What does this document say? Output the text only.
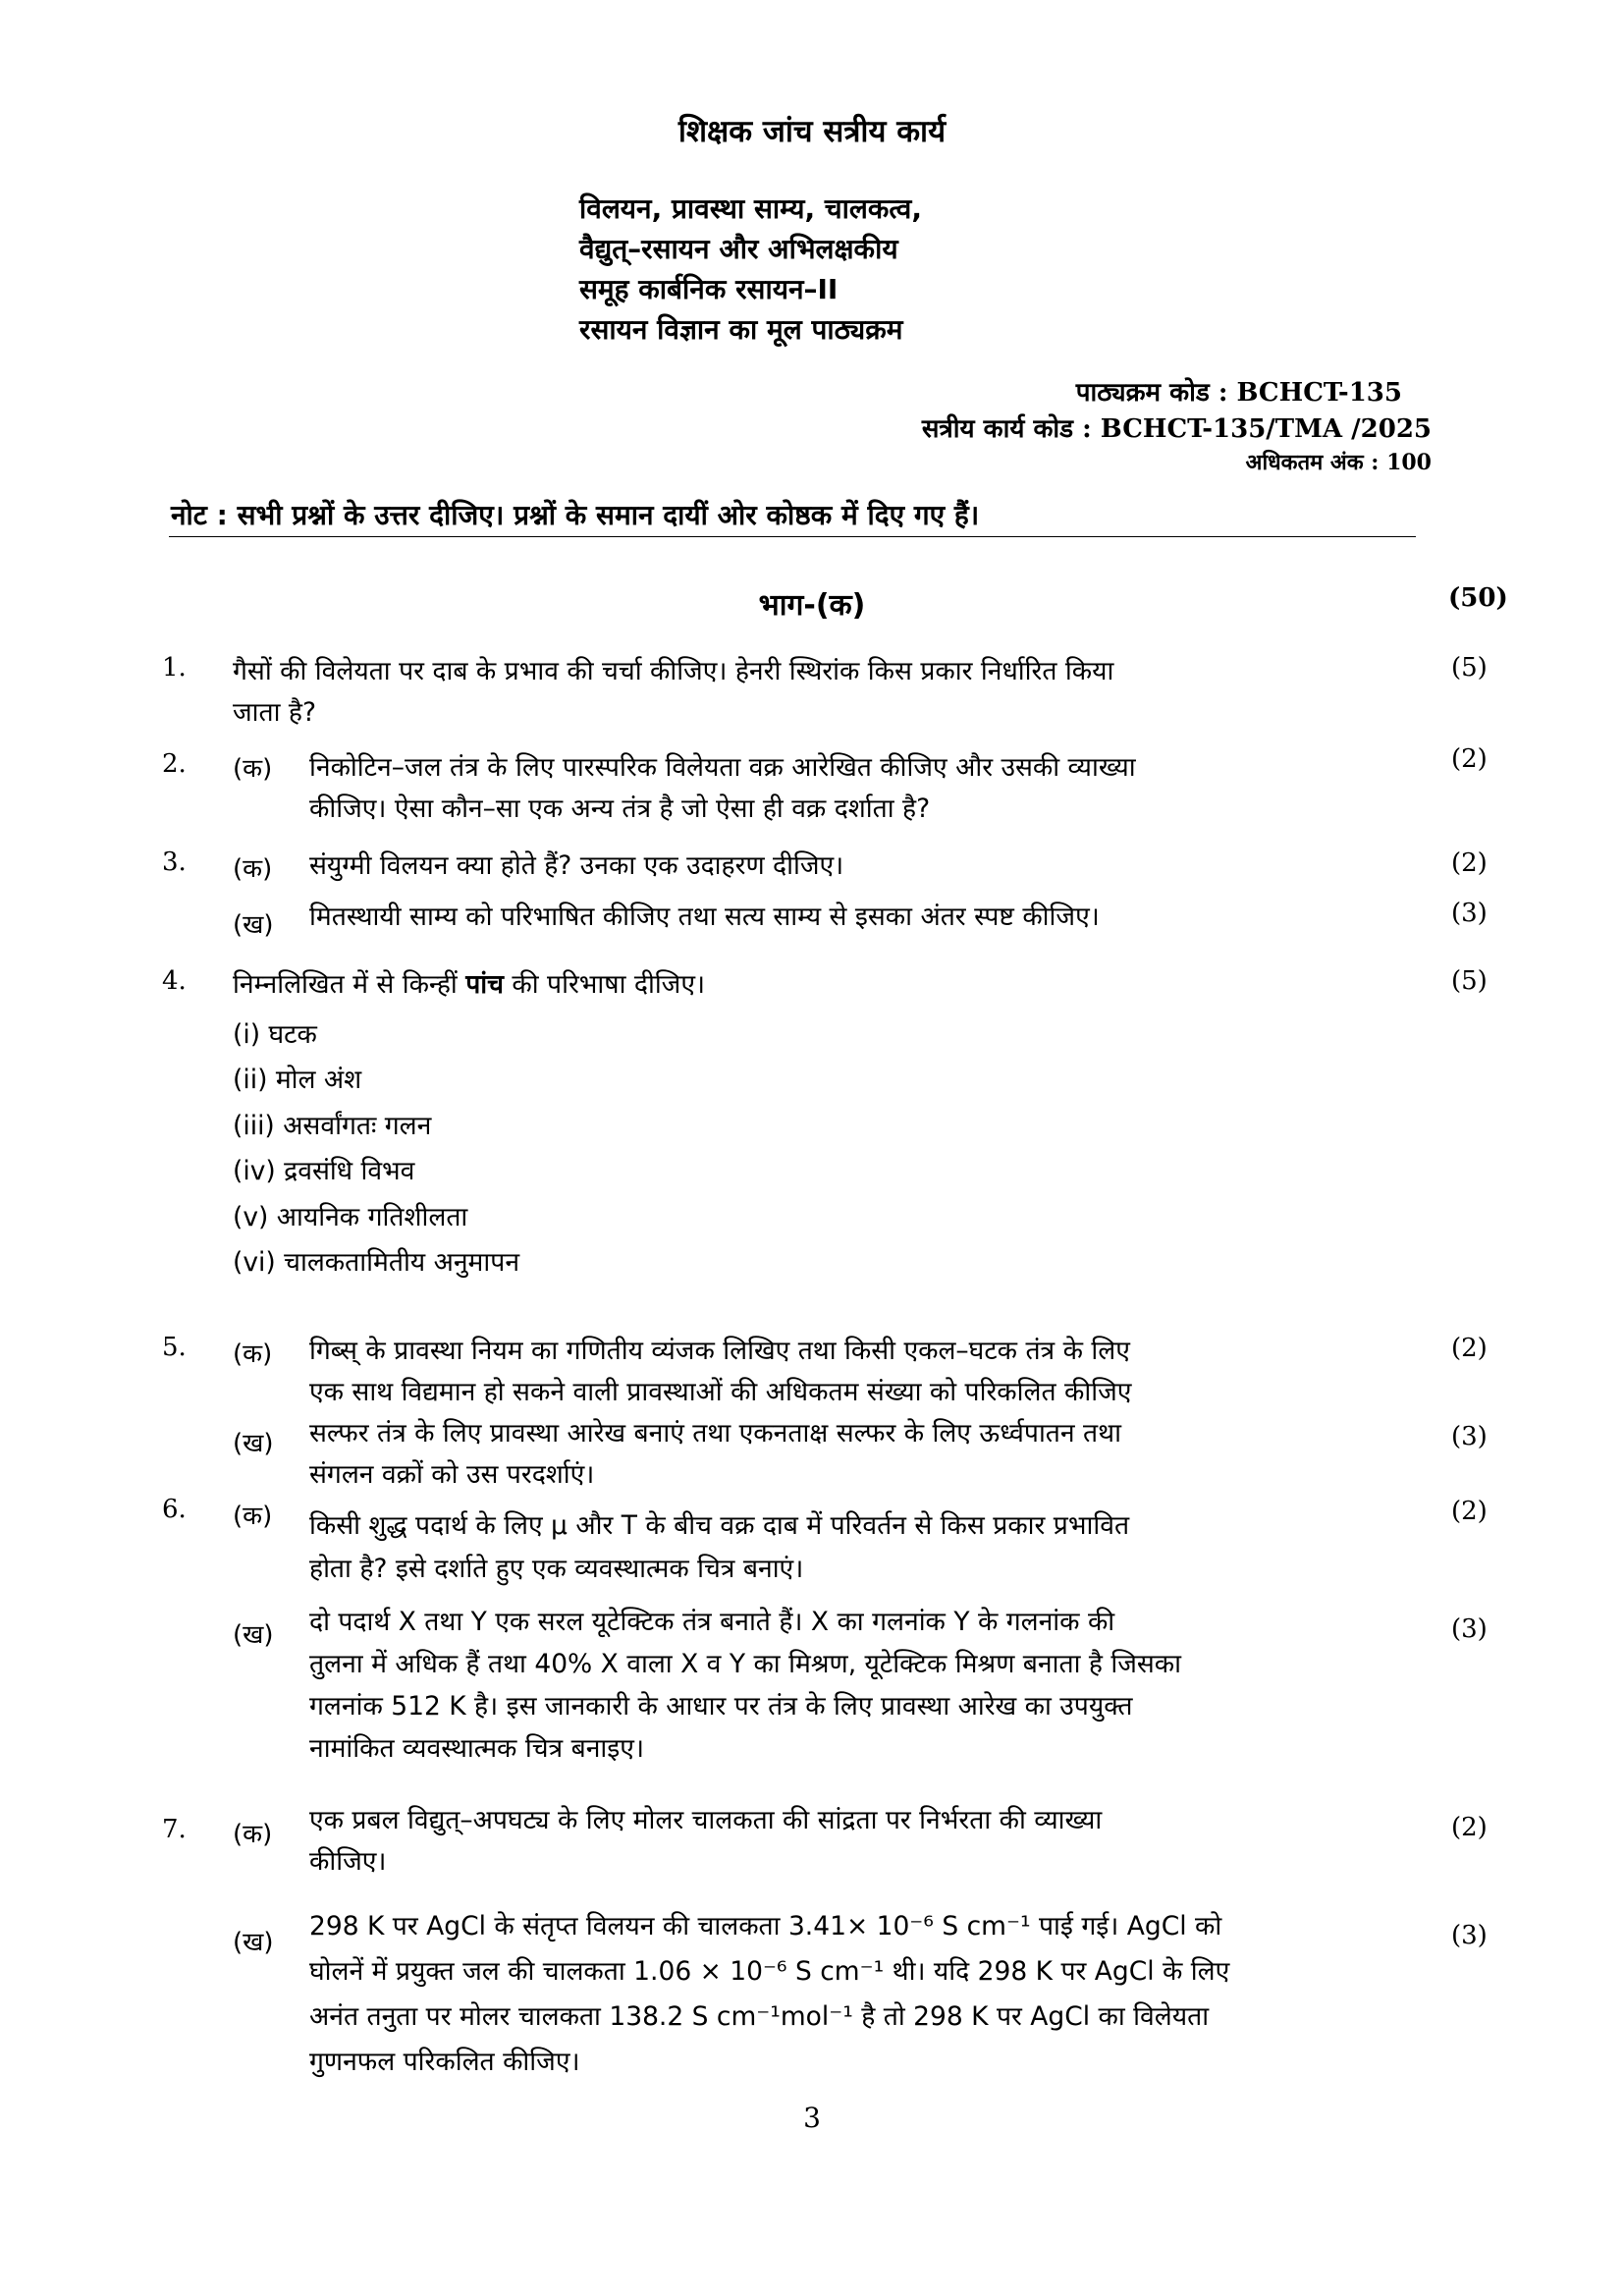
शिक्षक जांच सत्रीय कार्य
विलयन, प्रावस्था साम्य, चालकत्व,
वैद्युत्–रसायन और अभिलक्षकीय
समूह कार्बनिक रसायन–II
रसायन विज्ञान का मूल पाठ्यक्रम
पाठ्यक्रम कोड : BCHCT-135
सत्रीय कार्य कोड : BCHCT-135/TMA /2025
अधिकतम अंक : 100
नोट : सभी प्रश्नों के उत्तर दीजिए। प्रश्नों के समान दायीं ओर कोष्ठक में दिए गए हैं।
भाग-(क)	(50)
1. गैसों की विलेयता पर दाब के प्रभाव की चर्चा कीजिए। हेनरी स्थिरांक किस प्रकार निर्धारित किया
जाता है?
(5)
2. (क) निकोटिन–जल तंत्र के लिए पारस्परिक विलेयता वक्र आरेखित कीजिए और उसकी व्याख्या
कीजिए। ऐसा कौन–सा एक अन्य तंत्र है जो ऐसा ही वक्र दर्शाता है?
(2)
3. (क) संयुग्मी विलयन क्या होते हैं? उनका एक उदाहरण दीजिए।	(2)
(ख) मितस्थायी साम्य को परिभाषित कीजिए तथा सत्य साम्य से इसका अंतर स्पष्ट कीजिए।	(3)
4. निम्नलिखित में से किन्हीं पांच की परिभाषा दीजिए।	(5)
(i) घटक
(ii) मोल अंश
(iii) असर्वांगतः गलन
(iv) द्रवसंधि विभव
(v) आयनिक गतिशीलता
(vi) चालकतामितीय अनुमापन
5. (क) गिब्स् के प्रावस्था नियम का गणितीय व्यंजक लिखिए तथा किसी एकल–घटक तंत्र के लिए
एक साथ विद्यमान हो सकने वाली प्रावस्थाओं की अधिकतम संख्या को परिकलित कीजिए
(2)
(ख) सल्फर तंत्र के लिए प्रावस्था आरेख बनाएं तथा एकनताक्ष सल्फर के लिए ऊर्ध्वपातन तथा
संगलन वक्रों को उस परदर्शाएं।
(3)
6. (क) किसी शुद्ध पदार्थ के लिए μ और T के बीच वक्र दाब में परिवर्तन से किस प्रकार प्रभावित
होता है? इसे दर्शाते हुए एक व्यवस्थात्मक चित्र बनाएं।
(2)
(ख) दो पदार्थ X तथा Y एक सरल यूटेक्टिक तंत्र बनाते हैं। X का गलनांक Y के गलनांक की
तुलना में अधिक हैं तथा 40% X वाला X व Y का मिश्रण, यूटेक्टिक मिश्रण बनाता है जिसका
गलनांक 512 K है। इस जानकारी के आधार पर तंत्र के लिए प्रावस्था आरेख का उपयुक्त
नामांकित व्यवस्थात्मक चित्र बनाइए।
(3)
7. (क) एक प्रबल विद्युत्–अपघट्य के लिए मोलर चालकता की सांद्रता पर निर्भरता की व्याख्या
कीजिए।
(2)
(ख)
298 K पर AgCl के संतृप्त विलयन की चालकता 3.41× 10⁻⁶ S cm⁻¹ पाई गई। AgCl को
घोलनें में प्रयुक्त जल की चालकता 1.06 × 10⁻⁶ S cm⁻¹ थी। यदि 298 K पर AgCl के लिए
अनंत तनुता पर मोलर चालकता 138.2 S cm⁻¹mol⁻¹ है तो 298 K पर AgCl का विलेयता
गुणनफल परिकलित कीजिए।
(3)
3
